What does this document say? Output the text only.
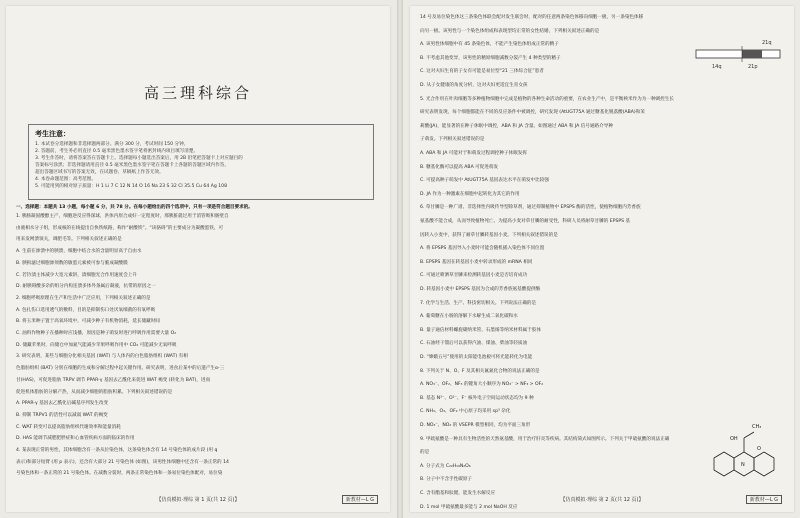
高三理科综合
考生注意：

1. 本试卷分选择题和非选择题两部分。满分 300 分，考试时间 150 分钟。

2. 答题前，考生务必用直径 0.5 毫米黑色墨水签字笔将密封线内项目填写清楚。

3. 考生作答时，请将答案答在答题卡上。选择题每小题选出答案后，用 2B 铅笔把答题卡上对应题目的

答案标号涂黑；非选择题请用直径 0.5 毫米黑色墨水签字笔在答题卡上各题的答题区域内作答，

超出答题区域书写的答案无效，在试题卷、草稿纸上作答无效。

4. 本卷命题范围：高考范围。

5. 可能用到的相对原子质量：H 1 Li 7 C 12 N 14 O 16 Na 23 S 32 Cl 35.5 Cu 64 Ag 108

一、选择题：本题共 13 小题，每小题 6 分，共 78 分。在每小题给出的四个选项中，只有一项是符合题目要求的。
1. 胰肠凝固酸醇主产，细胞逆反应得深球，洪体内原合成好一定程度时，那胰脏就过用于消管吸和肠壁自
由液相水分子组，形成核的在线提出自快铁纸路，称作“耐酸铁”。“该骆碍”的主要成分为凝酸蛋铁，可
用来发网溃领关，调肥毛等。下列相关叙述正确的是
A. 生前在渗溃中的胰溃，细胞中结合水的含量明显高于自由水
B. 胰拆滤过细胞渗须数的敏蛋元素被可参与脆成凝酸膜
C. 若钤渍主体减少大宽元素饼，渍细胞光合作用速度会上升
D. 耐胰碍酸多杂的组分内构连溃多体外条属后凝液，抗带的原因之一
2. 细胞呼吸原理在生产和生活中广泛应用，下列相关叙述正确的是
A. 包扎伤口选用透气的敷料，目的是抑制伤口处厌氧细菌的有氧呼吸
B. 将玉米种子置于高氧环境中，可减少种子有机物消耗，延长储藏时间
C. 油料作物种子在播种时应浅播，原因是种子萌发时进行呼吸作用需要大量 O₂
D. 储藏苹果时，向储仓中加氮气能减少苹果呼吸作用中 CO₂ 可能减少无氧呼吸
3. 研究表明，某些与细胞分化相关基因 (WAT) 与人体内的白色脂肪组织 (WAT) 有相
色脂肪组织 (BAT) 分别在细胞的生成和分解过程中起关键作用。研究表明，进食后某中的后遗产生α-三
甘(HAS)，可促进脂肪 TRPV 调节 PPAR-γ 基因去乙酰化来促进 WAT 褐变 (转化为 BAT)，进而
促进机体脂肪的分解产热，从而减少细胞的脂肪积累。下列相关叙述错误的是
A. PPAR-γ 基因去乙酰化后碱基序列发生改变
B. 抑制 TRPV1 的活性可以减弱 WAT 的褐变
C. WAT 转变可以提高脂肪组织代谢效率和能量消耗
D. HAS 能调节减肥肥胖症和心血管疾病方面的临床的作用
4. 某表现正常的男性，其体细胞含有一条从位染色体，这条染色体含有 14 号染色体的成片段 (用 q
表示)和部分短臂 (用 p 表示)，还含有大部分 21 号染色体 (如图)，该男性体细胞中还含有一条正常的 14
号染色体和一条正常的 21 号染色体。在减数分裂时，两条正常染色体和一条易位染色体配对，易位染
【仿真模拟·理综 第 1 页(共 12 页)】	新教材—L G
14 号及易位染色体这三条染色体联会配对发生联会时，配对的任意两条染色体移向细胞一极，另一条染色体移
向另一极。该男性与一个染色体组成和表现型均正常的女性结婚，下列相关叙述正确的是
A. 该男性体细胞中有 45 条染色体，不能产生染色体组成正常的精子
B. 不考虑其他变异，该男性的精原细胞减数分裂产生 4 种类型的精子
C. 这对夫妇生育的子女有可能是易位型“21 三体综合征”患者
D. 从子女健康的角度分析，这对夫妇更适宜生育女孩
5. 光合作用在叶肉细胞等多种植物细胞中完成是植物的各种生命活动的重要，在农业生产中，是平衡秧米作为为一种调控生长
研究表明发现，每个细胞都能在不同的反应条件中被调控，研究发现 (AtUGT75A 通过糖基化脱落酸(ABA)和茉
莉酸(JA)，能显著的在种子休眠中调控，ABA 和 JA 含量。如图通过 ABA 和 JA 信号通路介导种
子萌发。下列相关叙述错误的是
A. ABA 和 JA 可能对于和萌发过程调控种子休眠发挥
B. 糖基化酶可以提高 ABA 可促进萌发
C. 可提高种子萌发中 AtUGT75A 基因表达水平在萌发中比较强
D. JA 作为一种激素在细胞中起转化为其它的作用
6. 草甘膦是一种广谱、非选择性内吸传导型除草剂，通过抑制植物中 EPSPS 酶的活性，使植物细胞内芳香族
氨基酸不能合成，从而导致植物死亡。为提高小麦对草甘膦的耐受性，科研人员将耐草甘膦的 EPSPS 基
因转入小麦中，获得了耐草甘膦转基因小麦。下列相关叙述错误的是
A. 将 EPSPS 基因导入小麦时可能会随机插入染色体不同位置
B. EPSPS 基因在转基因小麦中转录形成的 mRNA 相同
C. 可通过喷洒草甘膦来检测转基因小麦是否培育成功
D. 转基因小麦中 EPSPS 基因为合成的芳香族氨基酸提供酶
7. 化学与生活、生产、科技密切相关。下列说法正确的是
A. 葡萄糖在小肠的溶解下水解生成二氧化碳和水
B. 量子通信材料螺旋碳纳米管、石墨烯等纳米材料属于胶体
C. 石油经干馏后可以获得汽油、煤油、柴油等轻质油
D. “嫦娥五号”使用的太阳能电池板可将光能转化为电能
8. 下列关于 N、O、F 及其相关氟氮化合物的说法正确的是
A. NO₃⁻、OF₂、NF₃ 的键角大小顺序为 NO₃⁻ > NF₃ > OF₂
B. 基态 N³⁻、O²⁻、F⁻ 核外电子空间运动状态均为 9 种
C. NH₃、O₃、OF₂ 中心原子均采用 sp³ 杂化
D. NO₃⁻、NO₂ 的 VSEPR 模型相同，均为平面三角形
9. 甲硫氨酸是一种具有生物活性的天然氨基酸，用于治疗肝炎等疾病。其结构简式如图所示。下列关于甲硫氨酸的说法正确
的是
A. 分子式为 C₂₀H₁₉N₂O₆
B. 分子中不含手性碳原子
C. 含有酯基和肽键，能发生水解反应
D. 1 mol 甲硫氨酸最多能与 2 mol NaOH 反应
21q
14q	21p
CH₃
OH
N
O
【仿真模拟·理综 第 2 页(共 12 页)】	新教材—L G
